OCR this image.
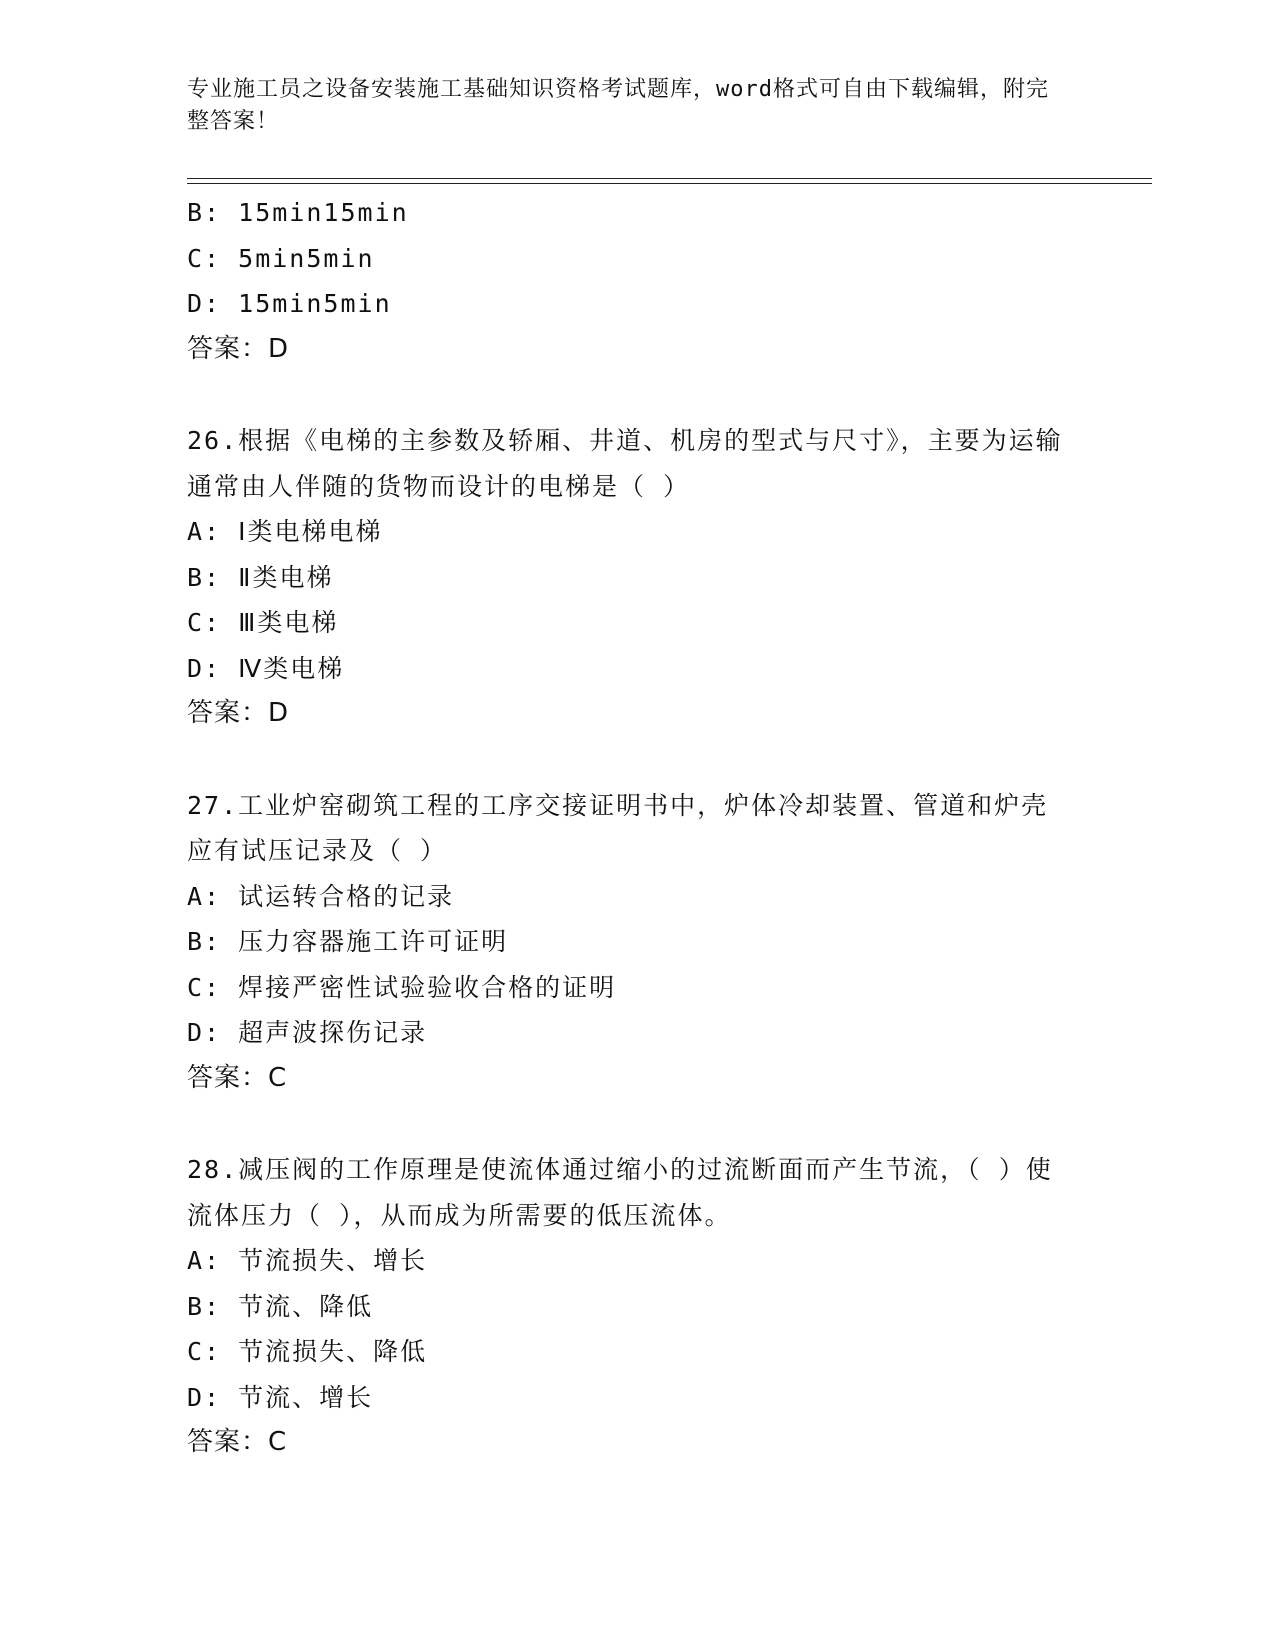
专业施工员之设备安装施工基础知识资格考试题库，word格式可自由下载编辑，附完整答案！
B: 15min15min
C: 5min5min
D: 15min5min
答案：D
26.根据《电梯的主参数及轿厢、井道、机房的型式与尺寸》，主要为运输通常由人伴随的货物而设计的电梯是（ ）
A: Ⅰ类电梯电梯
B: Ⅱ类电梯
C: Ⅲ类电梯
D: Ⅳ类电梯
答案：D
27.工业炉窑砌筑工程的工序交接证明书中，炉体冷却装置、管道和炉壳应有试压记录及（ ）
A: 试运转合格的记录
B: 压力容器施工许可证明
C: 焊接严密性试验验收合格的证明
D: 超声波探伤记录
答案：C
28.减压阀的工作原理是使流体通过缩小的过流断面而产生节流，（ ）使流体压力（ ），从而成为所需要的低压流体。
A: 节流损失、增长
B: 节流、降低
C: 节流损失、降低
D: 节流、增长
答案：C
